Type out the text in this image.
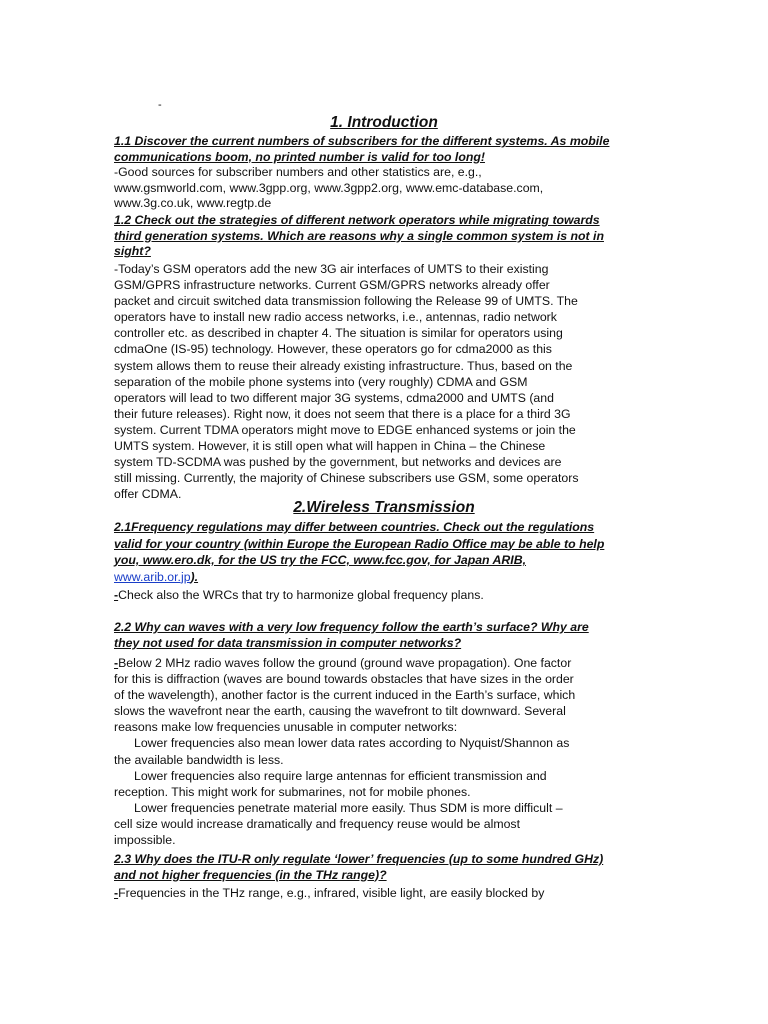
-
1. Introduction
1.1 Discover the current numbers of subscribers for the different systems. As mobile
communications boom, no printed number is valid for too long!
-Good sources for subscriber numbers and other statistics are, e.g.,
www.gsmworld.com, www.3gpp.org, www.3gpp2.org, www.emc-database.com,
www.3g.co.uk, www.regtp.de
1.2 Check out the strategies of different network operators while migrating towards
third generation systems. Which are reasons why a single common system is not in
sight?
-Today’s GSM operators add the new 3G air interfaces of UMTS to their existing
GSM/GPRS infrastructure networks. Current GSM/GPRS networks already offer
packet and circuit switched data transmission following the Release 99 of UMTS. The
operators have to install new radio access networks, i.e., antennas, radio network
controller etc. as described in chapter 4. The situation is similar for operators using
cdmaOne (IS-95) technology. However, these operators go for cdma2000 as this
system allows them to reuse their already existing infrastructure. Thus, based on the
separation of the mobile phone systems into (very roughly) CDMA and GSM
operators will lead to two different major 3G systems, cdma2000 and UMTS (and
their future releases). Right now, it does not seem that there is a place for a third 3G
system. Current TDMA operators might move to EDGE enhanced systems or join the
UMTS system. However, it is still open what will happen in China – the Chinese
system TD-SCDMA was pushed by the government, but networks and devices are
still missing. Currently, the majority of Chinese subscribers use GSM, some operators
offer CDMA.
2.Wireless Transmission
2.1Frequency regulations may differ between countries. Check out the regulations
valid for your country (within Europe the European Radio Office may be able to help
you, www.ero.dk, for the US try the FCC, www.fcc.gov, for Japan ARIB,
www.arib.or.jp).
-Check also the WRCs that try to harmonize global frequency plans.
2.2 Why can waves with a very low frequency follow the earth’s surface? Why are
they not used for data transmission in computer networks?
-Below 2 MHz radio waves follow the ground (ground wave propagation). One factor
for this is diffraction (waves are bound towards obstacles that have sizes in the order
of the wavelength), another factor is the current induced in the Earth’s surface, which
slows the wavefront near the earth, causing the wavefront to tilt downward. Several
reasons make low frequencies unusable in computer networks:
Lower frequencies also mean lower data rates according to Nyquist/Shannon as
the available bandwidth is less.
Lower frequencies also require large antennas for efficient transmission and
reception. This might work for submarines, not for mobile phones.
Lower frequencies penetrate material more easily. Thus SDM is more difficult –
cell size would increase dramatically and frequency reuse would be almost
impossible.
2.3 Why does the ITU-R only regulate ‘lower’ frequencies (up to some hundred GHz)
and not higher frequencies (in the THz range)?
-Frequencies in the THz range, e.g., infrared, visible light, are easily blocked by
